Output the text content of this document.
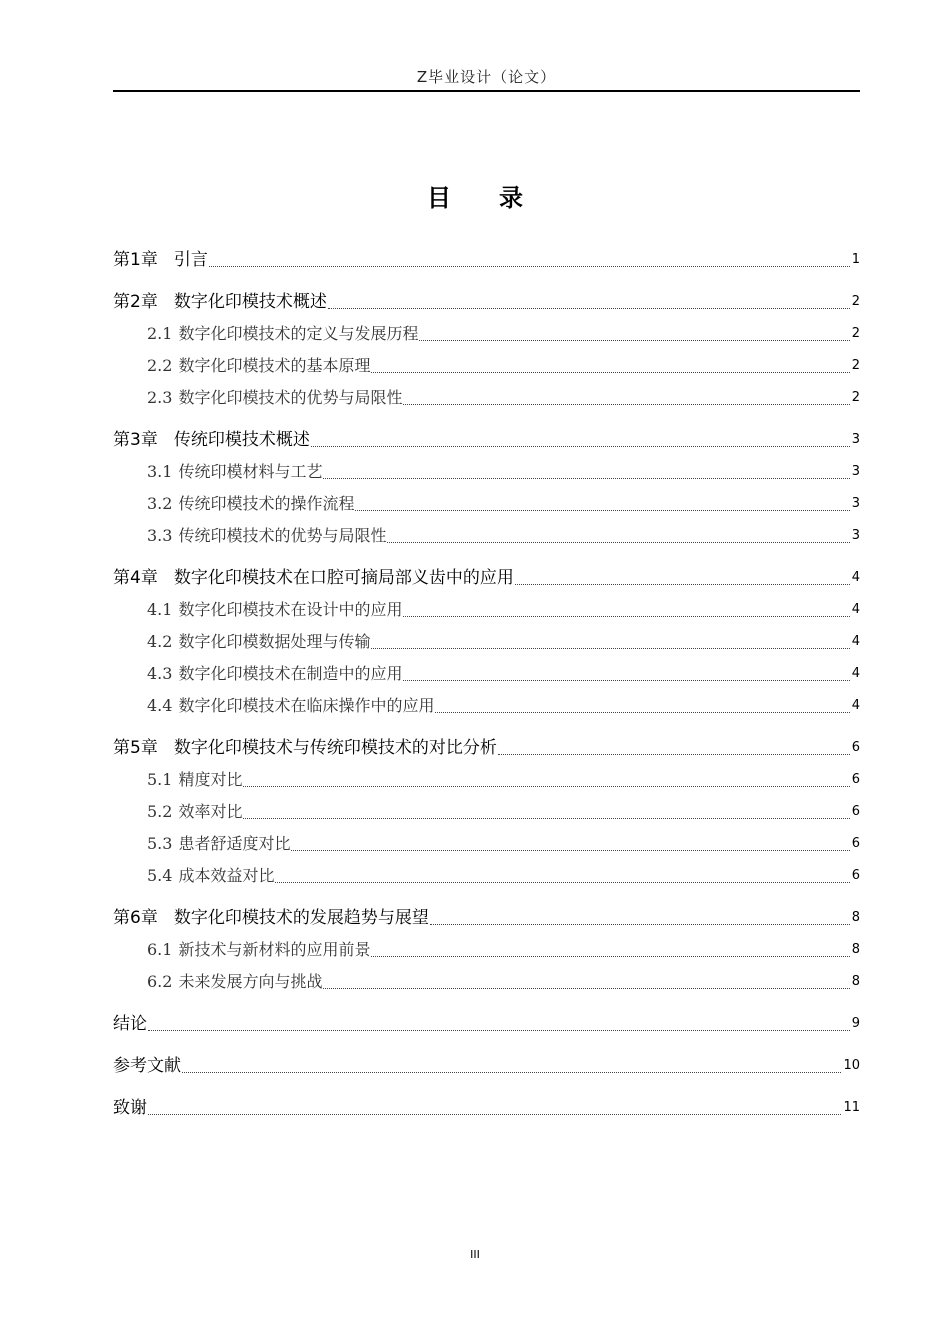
Z毕业设计（论文）
目 录
第1章 引言	1
第2章 数字化印模技术概述	2
2.1 数字化印模技术的定义与发展历程	2
2.2 数字化印模技术的基本原理	2
2.3 数字化印模技术的优势与局限性	2
第3章 传统印模技术概述	3
3.1 传统印模材料与工艺	3
3.2 传统印模技术的操作流程	3
3.3 传统印模技术的优势与局限性	3
第4章 数字化印模技术在口腔可摘局部义齿中的应用	4
4.1 数字化印模技术在设计中的应用	4
4.2 数字化印模数据处理与传输	4
4.3 数字化印模技术在制造中的应用	4
4.4 数字化印模技术在临床操作中的应用	4
第5章 数字化印模技术与传统印模技术的对比分析	6
5.1 精度对比	6
5.2 效率对比	6
5.3 患者舒适度对比	6
5.4 成本效益对比	6
第6章 数字化印模技术的发展趋势与展望	8
6.1 新技术与新材料的应用前景	8
6.2 未来发展方向与挑战	8
结论	9
参考文献	10
致谢	11
III
